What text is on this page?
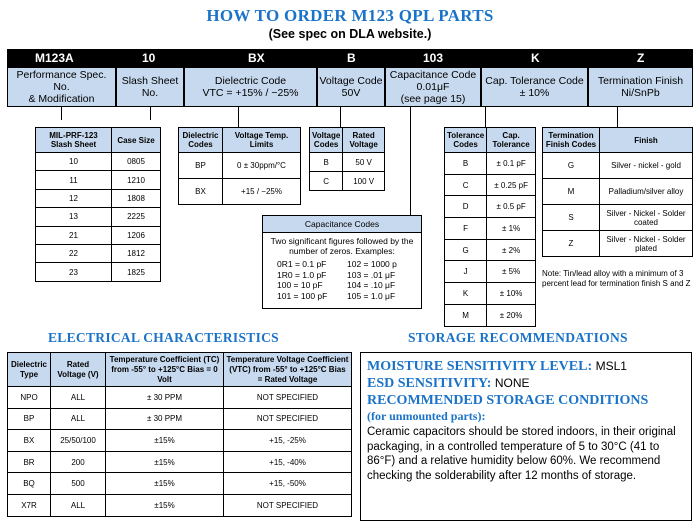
HOW TO ORDER M123 QPL PARTS
(See spec on DLA website.)
M123A	10	BX	B	103	K	Z
Performance Spec. No.
& Modification
Slash Sheet
No.
Dielectric Code
VTC = +15% / −25%
Voltage Code
50V
Capacitance Code
0.01μF
(see page 15)
Cap. Tolerance Code
± 10%
Termination Finish
Ni/SnPb
MIL-PRF-123 Slash Sheet	Case Size
10	0805
11	1210
12	1808
13	2225
21	1206
22	1812
23	1825
Dielectric Codes	Voltage Temp. Limits
BP	0 ± 30ppm/°C
BX	+15 / −25%
Voltage Codes	Rated Voltage
B	50 V
C	100 V
Capacitance Codes
Two significant figures followed by the number of zeros. Examples:
0R1 = 0.1 pF	102 = 1000 p
1R0 = 1.0 pF	103 = .01 μF
100 = 10 pF	104 = .10 μF
101 = 100 pF	105 = 1.0 μF
Tolerance Codes	Cap. Tolerance
B	± 0.1 pF
C	± 0.25 pF
D	± 0.5 pF
F	± 1%
G	± 2%
J	± 5%
K	± 10%
M	± 20%
Termination Finish Codes	Finish
G	Silver - nickel - gold
M	Palladium/silver alloy
S	Silver - Nickel - Solder coated
Z	Silver - Nickel - Solder plated
Note: Tin/lead alloy with a minimum of 3 percent lead for termination finish S and Z
ELECTRICAL CHARACTERISTICS	STORAGE RECOMMENDATIONS
Dielectric Type	Rated Voltage (V)	Temperature Coefficient (TC) from -55° to +125°C Bias = 0 Volt	Temperature Voltage Coefficient (VTC) from -55° to +125°C Bias = Rated Voltage
NPO	ALL	± 30 PPM	NOT SPECIFIED
BP	ALL	± 30 PPM	NOT SPECIFIED
BX	25/50/100	±15%	+15, -25%
BR	200	±15%	+15, -40%
BQ	500	±15%	+15, -50%
X7R	ALL	±15%	NOT SPECIFIED
MOISTURE SENSITIVITY LEVEL: MSL1
ESD SENSITIVITY: NONE
RECOMMENDED STORAGE CONDITIONS
(for unmounted parts):
Ceramic capacitors should be stored indoors, in their original packaging, in a controlled temperature of 5 to 30°C (41 to 86°F) and a relative humidity below 60%. We recommend checking the solderability after 12 months of storage.
